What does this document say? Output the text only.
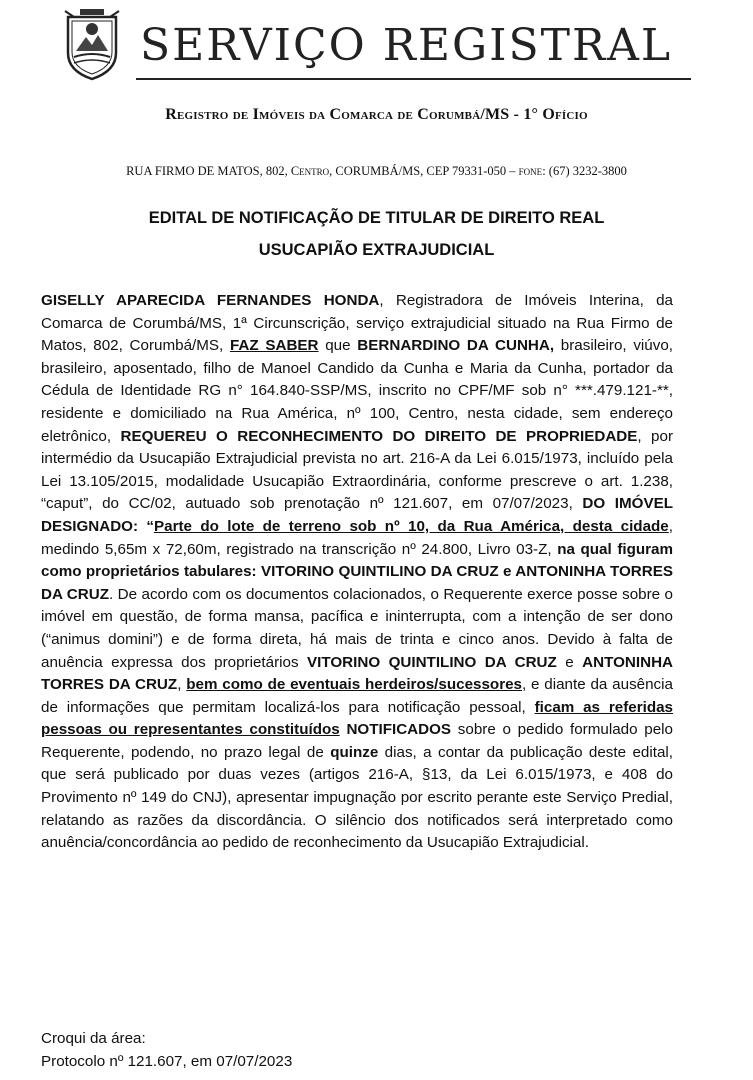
SERVIÇO REGISTRAL
Registro de Imóveis da Comarca de Corumbá/MS - 1° Ofício
RUA FIRMO DE MATOS, 802, Centro, CORUMBÁ/MS, CEP 79331-050 – fone: (67) 3232-3800
EDITAL DE NOTIFICAÇÃO DE TITULAR DE DIREITO REAL
USUCAPIÃO EXTRAJUDICIAL
GISELLY APARECIDA FERNANDES HONDA, Registradora de Imóveis Interina, da Comarca de Corumbá/MS, 1ª Circunscrição, serviço extrajudicial situado na Rua Firmo de Matos, 802, Corumbá/MS, FAZ SABER que BERNARDINO DA CUNHA, brasileiro, viúvo, brasileiro, aposentado, filho de Manoel Candido da Cunha e Maria da Cunha, portador da Cédula de Identidade RG n° 164.840-SSP/MS, inscrito no CPF/MF sob n° ***.479.121-**, residente e domiciliado na Rua América, nº 100, Centro, nesta cidade, sem endereço eletrônico, REQUEREU O RECONHECIMENTO DO DIREITO DE PROPRIEDADE, por intermédio da Usucapião Extrajudicial prevista no art. 216-A da Lei 6.015/1973, incluído pela Lei 13.105/2015, modalidade Usucapião Extraordinária, conforme prescreve o art. 1.238, “caput”, do CC/02, autuado sob prenotação nº 121.607, em 07/07/2023, DO IMÓVEL DESIGNADO: “Parte do lote de terreno sob nº 10, da Rua América, desta cidade, medindo 5,65m x 72,60m, registrado na transcrição nº 24.800, Livro 03-Z, na qual figuram como proprietários tabulares: VITORINO QUINTILINO DA CRUZ e ANTONINHA TORRES DA CRUZ. De acordo com os documentos colacionados, o Requerente exerce posse sobre o imóvel em questão, de forma mansa, pacífica e ininterrupta, com a intenção de ser dono (“animus domini”) e de forma direta, há mais de trinta e cinco anos. Devido à falta de anuência expressa dos proprietários VITORINO QUINTILINO DA CRUZ e ANTONINHA TORRES DA CRUZ, bem como de eventuais herdeiros/sucessores, e diante da ausência de informações que permitam localizá-los para notificação pessoal, ficam as referidas pessoas ou representantes constituídos NOTIFICADOS sobre o pedido formulado pelo Requerente, podendo, no prazo legal de quinze dias, a contar da publicação deste edital, que será publicado por duas vezes (artigos 216-A, §13, da Lei 6.015/1973, e 408 do Provimento nº 149 do CNJ), apresentar impugnação por escrito perante este Serviço Predial, relatando as razões da discordância. O silêncio dos notificados será interpretado como anuência/concordância ao pedido de reconhecimento da Usucapião Extrajudicial.
Croqui da área:
Protocolo nº 121.607, em 07/07/2023
